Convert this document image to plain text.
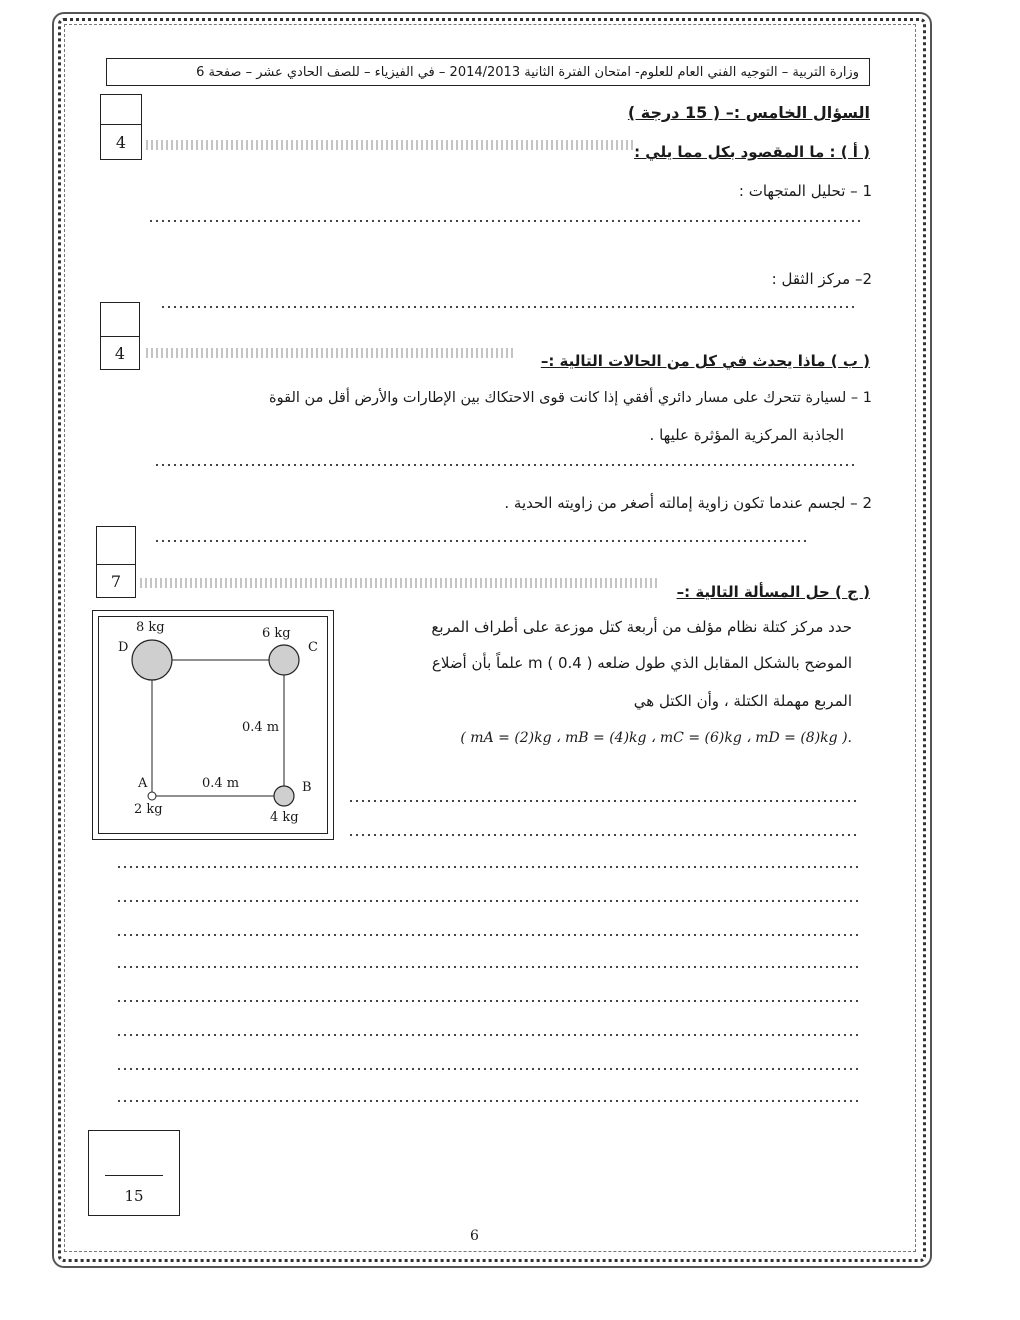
وزارة التربية – التوجيه الفني العام للعلوم- امتحان الفترة الثانية 2014/2013 – في الفيزياء – للصف الحادي عشر – صفحة 6
السؤال الخامس :– ( 15 درجة )
4
( أ ) : ما المقصود بكل مما يلي :
1 – تحليل المتجهات :
2– مركز الثقل :
4	( ب ) ماذا يحدث في كل من الحالات التالية :–
1 – لسيارة تتحرك على مسار دائري أفقي إذا كانت قوى الاحتكاك بين الإطارات والأرض أقل من القوة
الجاذبة المركزية المؤثرة عليها .
2 – لجسم عندما تكون زاوية إمالته أصغر من زاويته الحدية .
7
( ج ) حل المسألة التالية :–
حدد مركز كتلة نظام مؤلف من أربعة كتل موزعة على أطراف المربع
الموضح بالشكل المقابل الذي طول ضلعه m ( 0.4 ) علماً بأن أضلاع
المربع مهملة الكتلة ، وأن الكتل هي
.( mA = (2)kg ، mB = (4)kg ، mC = (6)kg ، mD = (8)kg )
8 kg
D
6 kg
C
0.4 m
A	0.4 m	B
2 kg
4 kg
15
6
